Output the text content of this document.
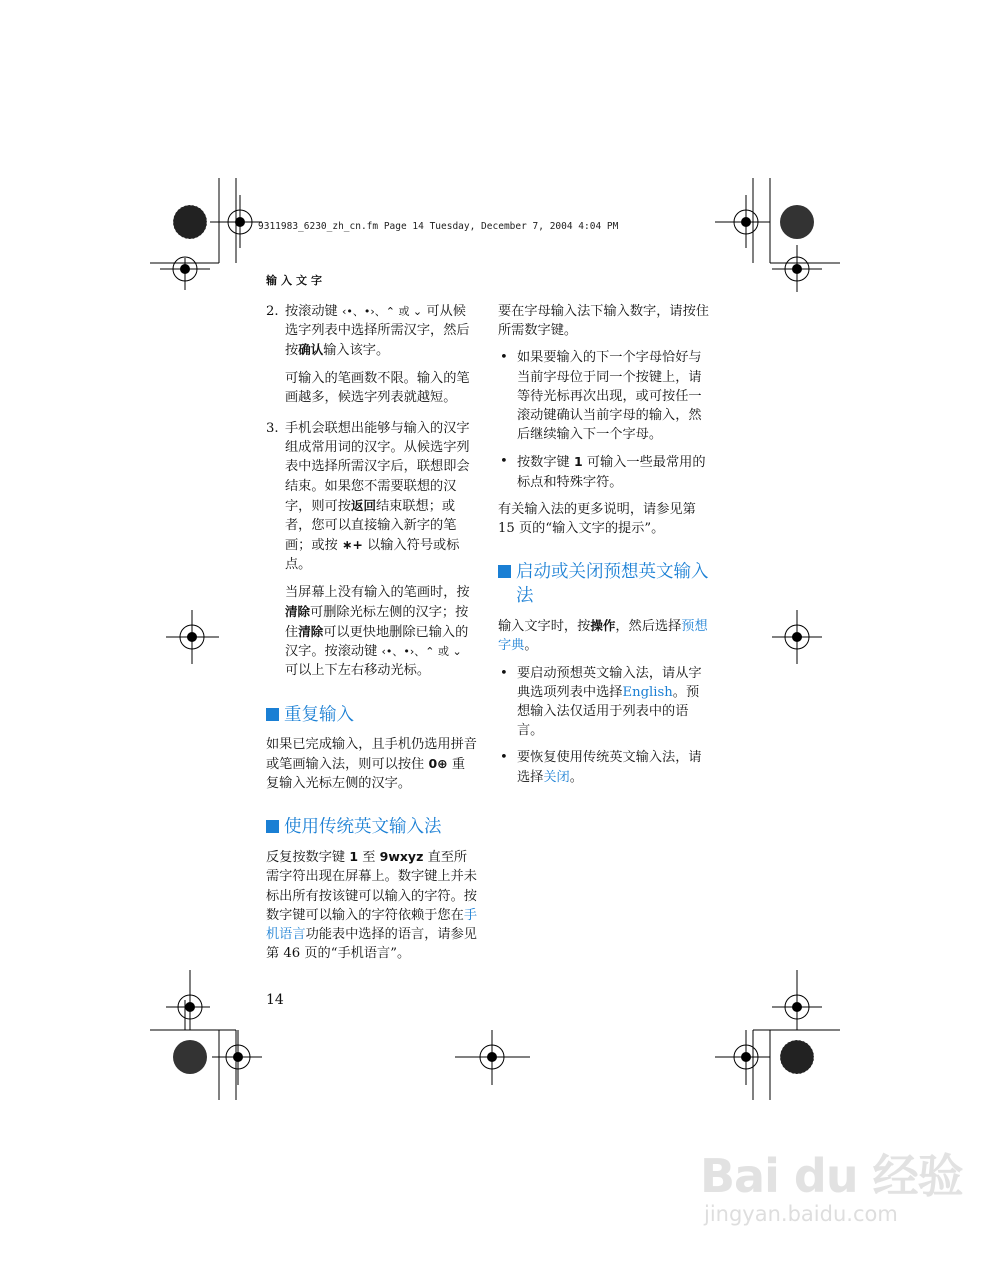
9311983_6230_zh_cn.fm Page 14 Tuesday, December 7, 2004 4:04 PM
输入文字
2. 按滚动键 ‹•、•›、⌃ 或 ⌄ 可从候选字列表中选择所需汉字，然后按确认输入该字。
可输入的笔画数不限。输入的笔画越多，候选字列表就越短。
3. 手机会联想出能够与输入的汉字组成常用词的汉字。从候选字列表中选择所需汉字后，联想即会结束。如果您不需要联想的汉字，则可按返回结束联想；或者，您可以直接输入新字的笔画；或按 ∗+ 以输入符号或标点。
当屏幕上没有输入的笔画时，按清除可删除光标左侧的汉字；按住清除可以更快地删除已输入的汉字。按滚动键 ‹•、•›、⌃ 或 ⌄ 可以上下左右移动光标。
重复输入

如果已完成输入，且手机仍选用拼音或笔画输入法，则可以按住 0⊕ 重复输入光标左侧的汉字。

使用传统英文输入法

反复按数字键 1 至 9wxyz 直至所需字符出现在屏幕上。数字键上并未标出所有按该键可以输入的字符。按数字键可以输入的字符依赖于您在手机语言功能表中选择的语言，请参见第 46 页的“手机语言”。

要在字母输入法下输入数字，请按住所需数字键。

• 如果要输入的下一个字母恰好与当前字母位于同一个按键上，请等待光标再次出现，或可按任一滚动键确认当前字母的输入，然后继续输入下一个字母。
• 按数字键 1 可输入一些最常用的标点和特殊字符。

有关输入法的更多说明，请参见第 15 页的“输入文字的提示”。

启动或关闭预想英文输入法

输入文字时，按操作，然后选择预想字典。

• 要启动预想英文输入法，请从字典选项列表中选择English。预想输入法仅适用于列表中的语言。
• 要恢复使用传统英文输入法，请选择关闭。
14
Bai du 经验
jingyan.baidu.com
